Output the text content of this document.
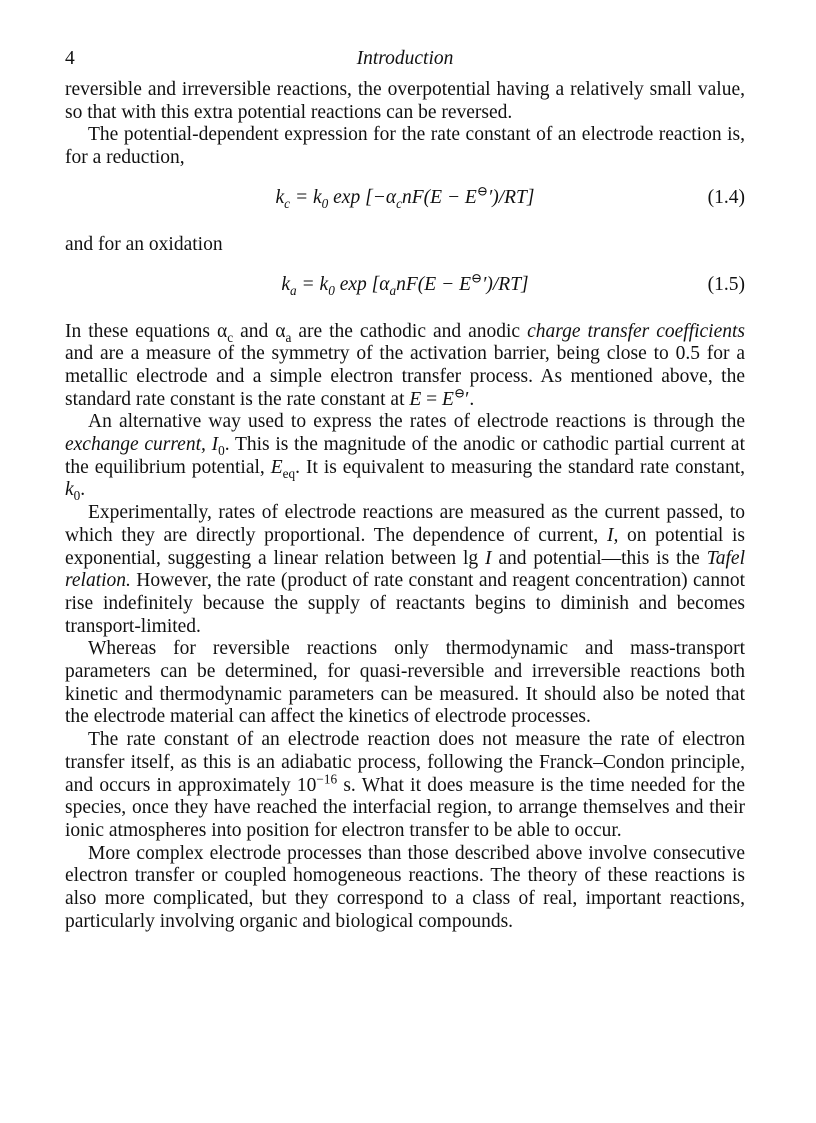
4	Introduction

reversible and irreversible reactions, the overpotential having a relatively small value, so that with this extra potential reactions can be reversed.

The potential-dependent expression for the rate constant of an electrode reaction is, for a reduction,

$k_c = k_0$ $\exp [-\alpha_cnF(E - E^⊖')/RT]$	(1.4)

and for an oxidation

$k_a = k_0$ $\exp [\alpha_anF(E - E^⊖')/RT]$	(1.5)

In these equations $\alpha_c$ and $\alpha_a$ are the cathodic and anodic charge transfer coefficients and are a measure of the symmetry of the activation barrier, being close to 0.5 for a metallic electrode and a simple electron transfer process. As mentioned above, the standard rate constant is the rate constant at E = E⊖′.

An alternative way used to express the rates of electrode reactions is through the exchange current, $I_0$. This is the magnitude of the anodic or cathodic partial current at the equilibrium potential, $E_{eq}$. It is equivalent to measuring the standard rate constant, $k_0$.

Experimentally, rates of electrode reactions are measured as the current passed, to which they are directly proportional. The dependence of current, I, on potential is exponential, suggesting a linear relation between lg I and potential—this is the Tafel relation. However, the rate (product of rate constant and reagent concentration) cannot rise indefinitely because the supply of reactants begins to diminish and becomes transport-limited.

Whereas for reversible reactions only thermodynamic and mass-transport parameters can be determined, for quasi-reversible and irreversible reactions both kinetic and thermodynamic parameters can be measured. It should also be noted that the electrode material can affect the kinetics of electrode processes.

The rate constant of an electrode reaction does not measure the rate of electron transfer itself, as this is an adiabatic process, following the Franck–Condon principle, and occurs in approximately $10^{-16}$ s. What it does measure is the time needed for the species, once they have reached the interfacial region, to arrange themselves and their ionic atmospheres into position for electron transfer to be able to occur.

More complex electrode processes than those described above involve consecutive electron transfer or coupled homogeneous reactions. The theory of these reactions is also more complicated, but they correspond to a class of real, important reactions, particularly involving organic and biological compounds.
